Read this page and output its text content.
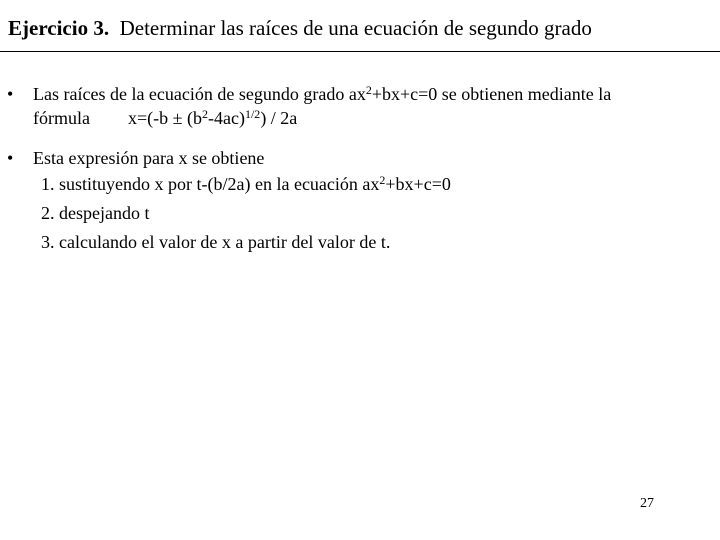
Ejercicio 3. Determinar las raíces de una ecuación de segundo grado
• Las raíces de la ecuación de segundo grado $ax^2+bx+c=0$ se obtienen mediante la
fórmula $x=(-b \pm (b^2-4ac)^{1/2}) / 2a$
• Esta expresión para x se obtiene
1. sustituyendo x por t-(b/2a) en la ecuación $ax^2+bx+c=0$
2. despejando t
3. calculando el valor de x a partir del valor de t.
27
